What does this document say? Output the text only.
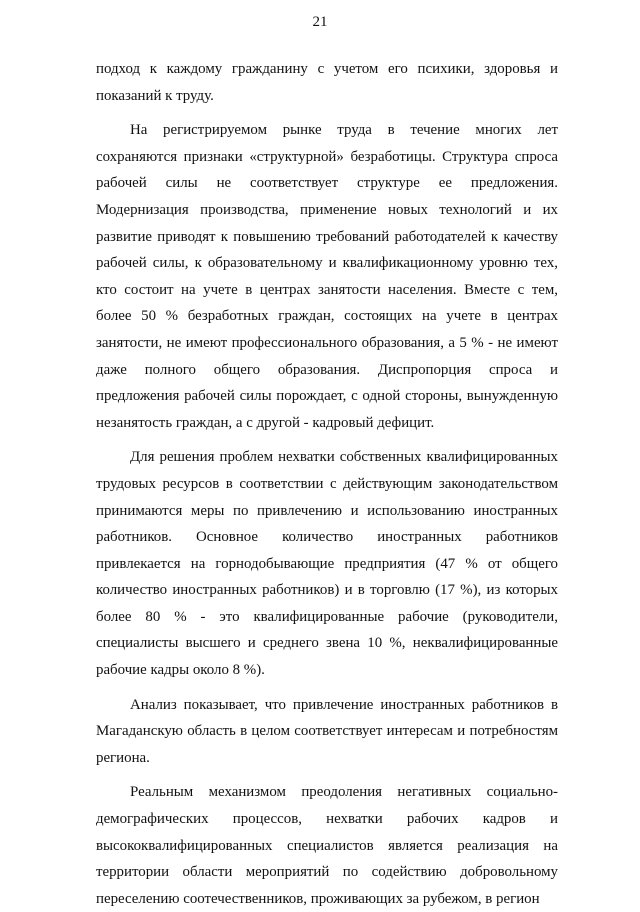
21

подход к каждому гражданину с учетом его психики, здоровья и показаний к труду.

На регистрируемом рынке труда в течение многих лет сохраняются признаки «структурной» безработицы. Структура спроса рабочей силы не соответствует структуре ее предложения. Модернизация производства, применение новых технологий и их развитие приводят к повышению требований работодателей к качеству рабочей силы, к образовательному и квалификационному уровню тех, кто состоит на учете в центрах занятости населения. Вместе с тем, более 50 % безработных граждан, состоящих на учете в центрах занятости, не имеют профессионального образования, а 5 % - не имеют даже полного общего образования. Диспропорция спроса и предложения рабочей силы порождает, с одной стороны, вынужденную незанятость граждан, а с другой - кадровый дефицит.

Для решения проблем нехватки собственных квалифицированных трудовых ресурсов в соответствии с действующим законодательством принимаются меры по привлечению и использованию иностранных работников. Основное количество иностранных работников привлекается на горнодобывающие предприятия (47 % от общего количество иностранных работников) и в торговлю (17 %), из которых более 80 % - это квалифицированные рабочие (руководители, специалисты высшего и среднего звена 10 %, неквалифицированные рабочие кадры около 8 %).

Анализ показывает, что привлечение иностранных работников в Магаданскую область в целом соответствует интересам и потребностям региона.

Реальным механизмом преодоления негативных социально-демографических процессов, нехватки рабочих кадров и высококвалифицированных специалистов является реализация на территории области мероприятий по содействию добровольному переселению соотечественников, проживающих за рубежом, в регион
